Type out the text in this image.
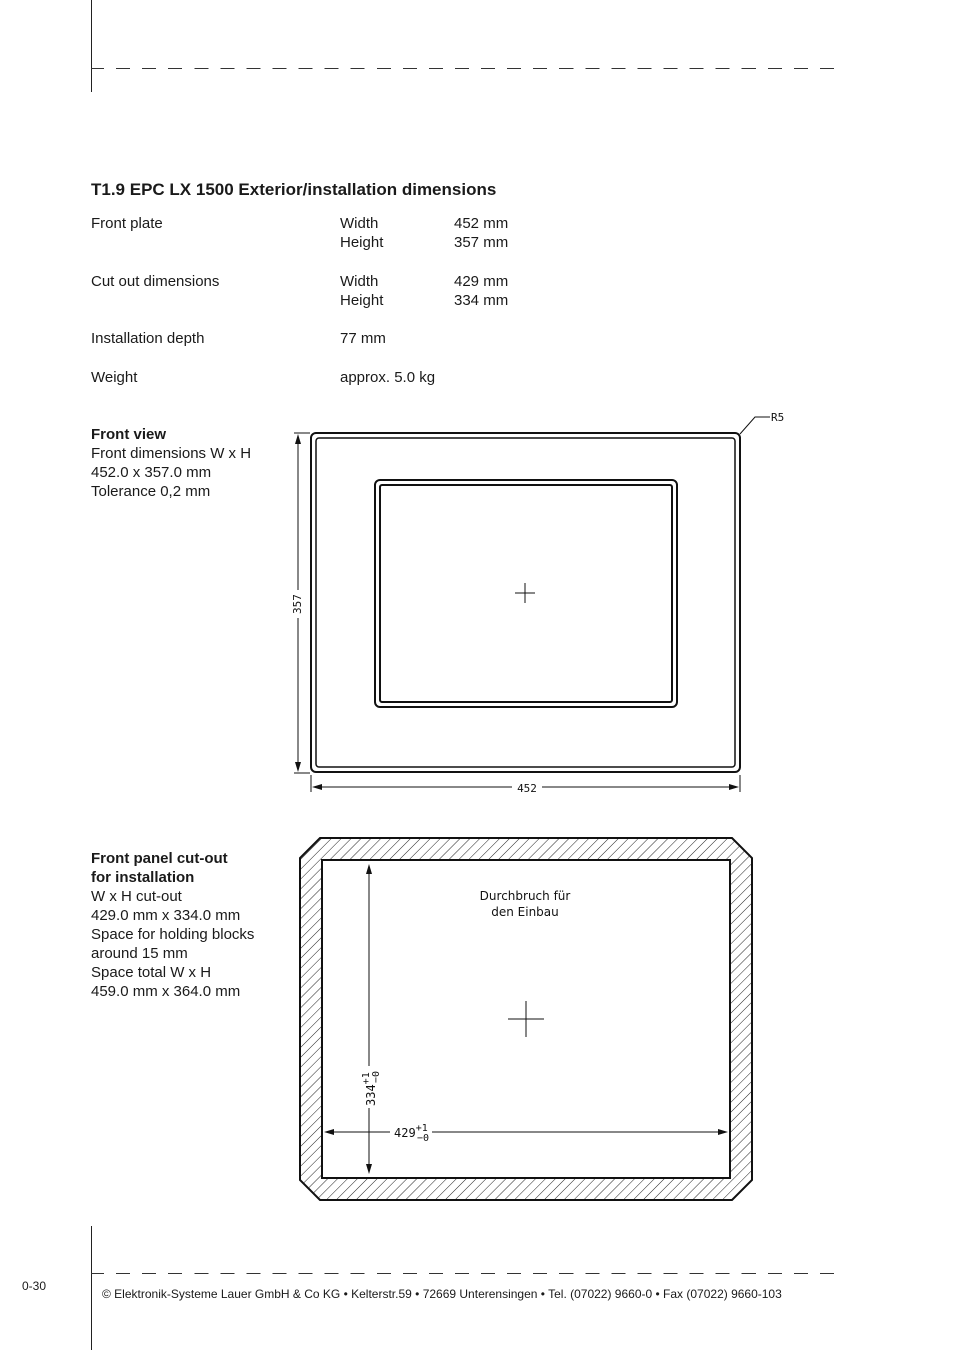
T1.9 EPC LX 1500 Exterior/installation dimensions
Front plate	Width	452 mm
Height	357 mm
Cut out dimensions	Width	429 mm
Height	334 mm
Installation depth	77 mm
Weight	approx. 5.0 kg
Front view
Front dimensions W x H
452.0 x 357.0 mm
Tolerance 0,2 mm
452
357
R5
Front panel cut-out
for installation
W x H cut-out
429.0 mm x 334.0 mm
Space for holding blocks
around 15 mm
Space total W x H
459.0 mm x 364.0 mm
Durchbruch für
den Einbau
$429^{+1}$
−0
$334^{+1} -0$
0-30
© Elektronik-Systeme Lauer GmbH & Co KG • Kelterstr.59 • 72669 Unterensingen • Tel. (07022) 9660-0 • Fax (07022) 9660-103
